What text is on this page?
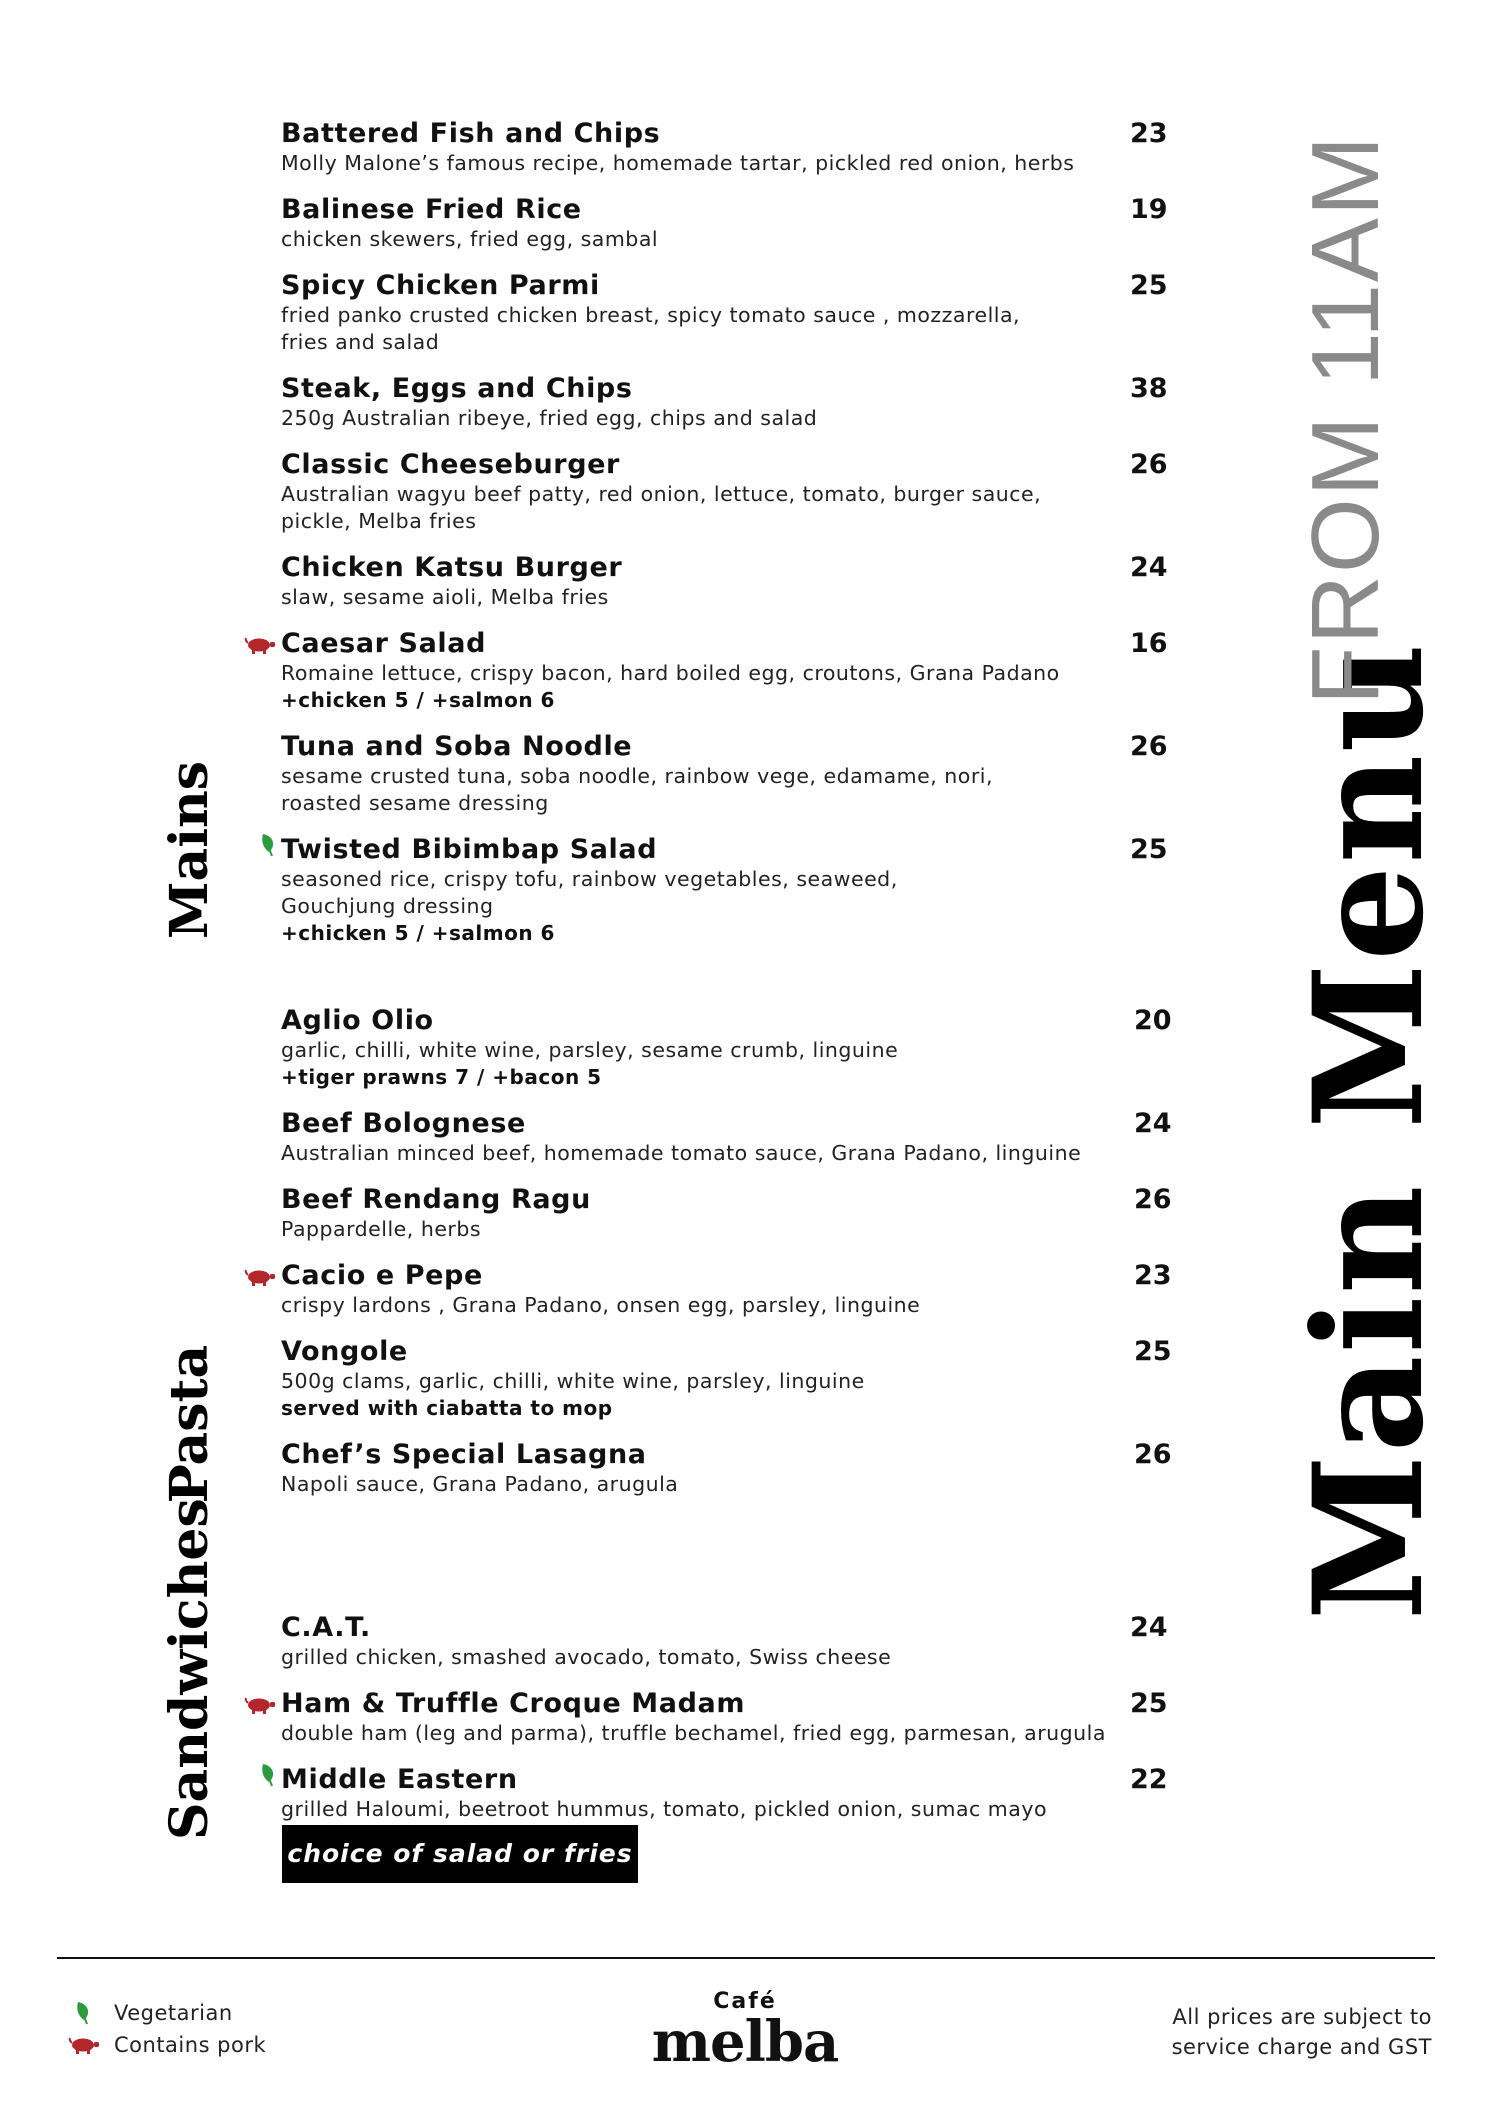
Main Menu
FROM 11AM
Mains
Pasta
Sandwiches
Battered Fish and Chips
Molly Malone’s famous recipe, homemade tartar, pickled red onion, herbs
23
Balinese Fried Rice
chicken skewers, fried egg, sambal
19
Spicy Chicken Parmi
fried panko crusted chicken breast, spicy tomato sauce , mozzarella,
fries and salad
25
Steak, Eggs and Chips
250g Australian ribeye, fried egg, chips and salad
38
Classic Cheeseburger
Australian wagyu beef patty, red onion, lettuce, tomato, burger sauce,
pickle, Melba fries
26
Chicken Katsu Burger
slaw, sesame aioli, Melba fries
24
Caesar Salad
Romaine lettuce, crispy bacon, hard boiled egg, croutons, Grana Padano
+chicken 5 / +salmon 6
16
Tuna and Soba Noodle
sesame crusted tuna, soba noodle, rainbow vege, edamame, nori,
roasted sesame dressing
26
Twisted Bibimbap Salad
seasoned rice, crispy tofu, rainbow vegetables, seaweed,
Gouchjung dressing
+chicken 5 / +salmon 6
25
Aglio Olio
garlic, chilli, white wine, parsley, sesame crumb, linguine
+tiger prawns 7 / +bacon 5
20
Beef Bolognese
Australian minced beef, homemade tomato sauce, Grana Padano, linguine
24
Beef Rendang Ragu
Pappardelle, herbs
26
Cacio e Pepe
crispy lardons , Grana Padano, onsen egg, parsley, linguine
23
Vongole
500g clams, garlic, chilli, white wine, parsley, linguine
served with ciabatta to mop
25
Chef’s Special Lasagna
Napoli sauce, Grana Padano, arugula
26
C.A.T.
grilled chicken, smashed avocado, tomato, Swiss cheese
24
Ham & Truffle Croque Madam
double ham (leg and parma), truffle bechamel, fried egg, parmesan, arugula
25
Middle Eastern
grilled Haloumi, beetroot hummus, tomato, pickled onion, sumac mayo
22
choice of salad or fries
Vegetarian
Contains pork
Café
melba	All prices are subject to
service charge and GST
